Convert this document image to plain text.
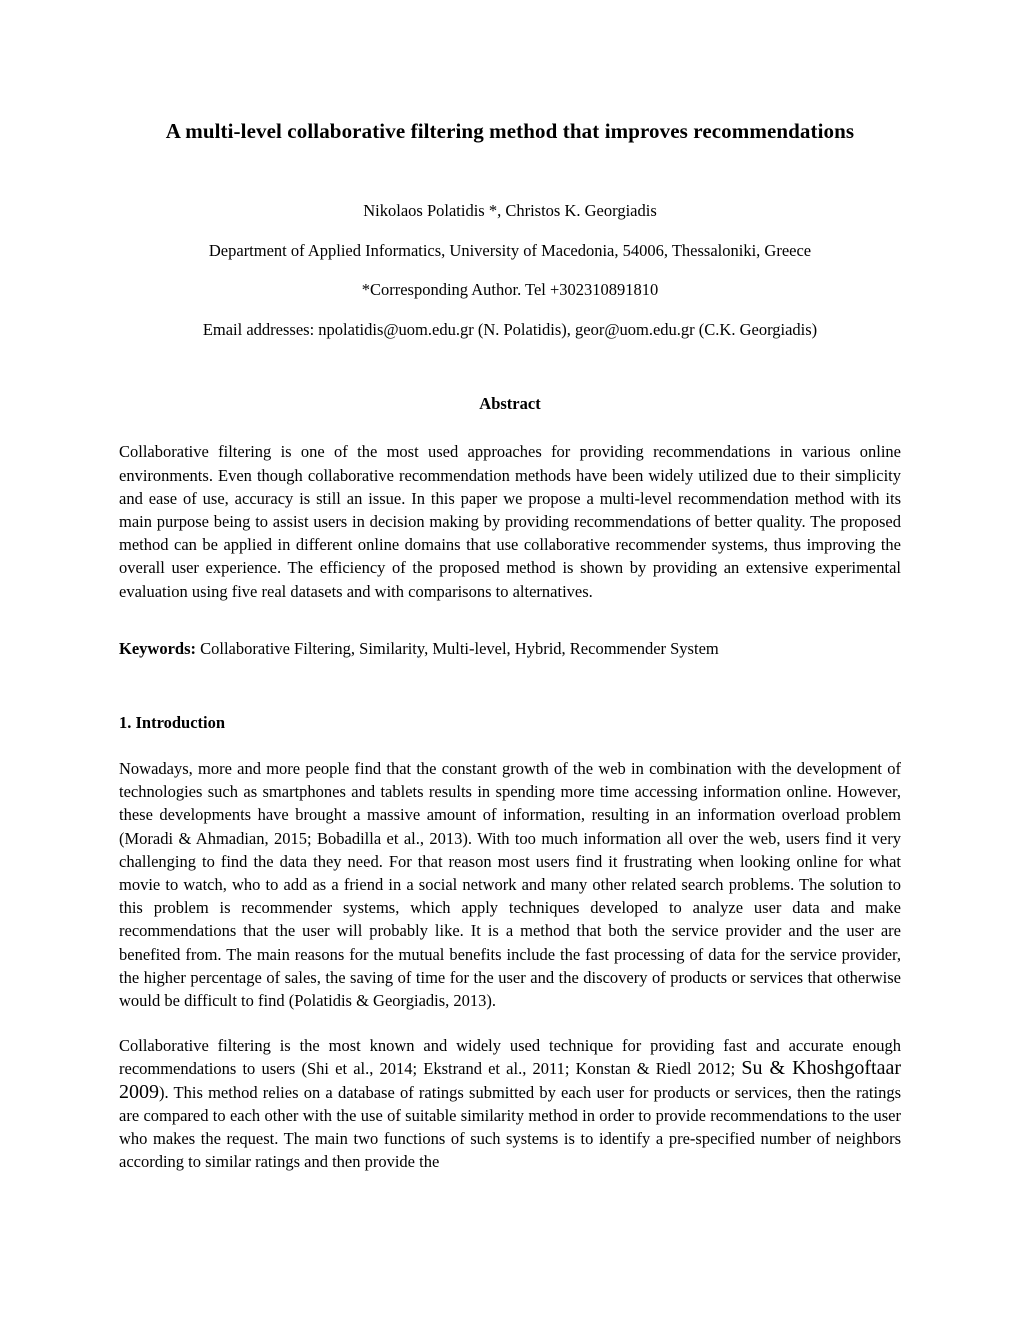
A multi-level collaborative filtering method that improves recommendations
Nikolaos Polatidis *, Christos K. Georgiadis
Department of Applied Informatics, University of Macedonia, 54006, Thessaloniki, Greece
*Corresponding Author. Tel +302310891810
Email addresses: npolatidis@uom.edu.gr (N. Polatidis), geor@uom.edu.gr (C.K. Georgiadis)
Abstract

Collaborative filtering is one of the most used approaches for providing recommendations in various online environments. Even though collaborative recommendation methods have been widely utilized due to their simplicity and ease of use, accuracy is still an issue. In this paper we propose a multi-level recommendation method with its main purpose being to assist users in decision making by providing recommendations of better quality. The proposed method can be applied in different online domains that use collaborative recommender systems, thus improving the overall user experience. The efficiency of the proposed method is shown by providing an extensive experimental evaluation using five real datasets and with comparisons to alternatives.

Keywords: Collaborative Filtering, Similarity, Multi-level, Hybrid, Recommender System

1. Introduction

Nowadays, more and more people find that the constant growth of the web in combination with the development of technologies such as smartphones and tablets results in spending more time accessing information online. However, these developments have brought a massive amount of information, resulting in an information overload problem (Moradi & Ahmadian, 2015; Bobadilla et al., 2013). With too much information all over the web, users find it very challenging to find the data they need. For that reason most users find it frustrating when looking online for what movie to watch, who to add as a friend in a social network and many other related search problems. The solution to this problem is recommender systems, which apply techniques developed to analyze user data and make recommendations that the user will probably like. It is a method that both the service provider and the user are benefited from. The main reasons for the mutual benefits include the fast processing of data for the service provider, the higher percentage of sales, the saving of time for the user and the discovery of products or services that otherwise would be difficult to find (Polatidis & Georgiadis, 2013).

Collaborative filtering is the most known and widely used technique for providing fast and accurate enough recommendations to users (Shi et al., 2014; Ekstrand et al., 2011; Konstan & Riedl 2012; Su & Khoshgoftaar 2009). This method relies on a database of ratings submitted by each user for products or services, then the ratings are compared to each other with the use of suitable similarity method in order to provide recommendations to the user who makes the request. The main two functions of such systems is to identify a pre-specified number of neighbors according to similar ratings and then provide the
